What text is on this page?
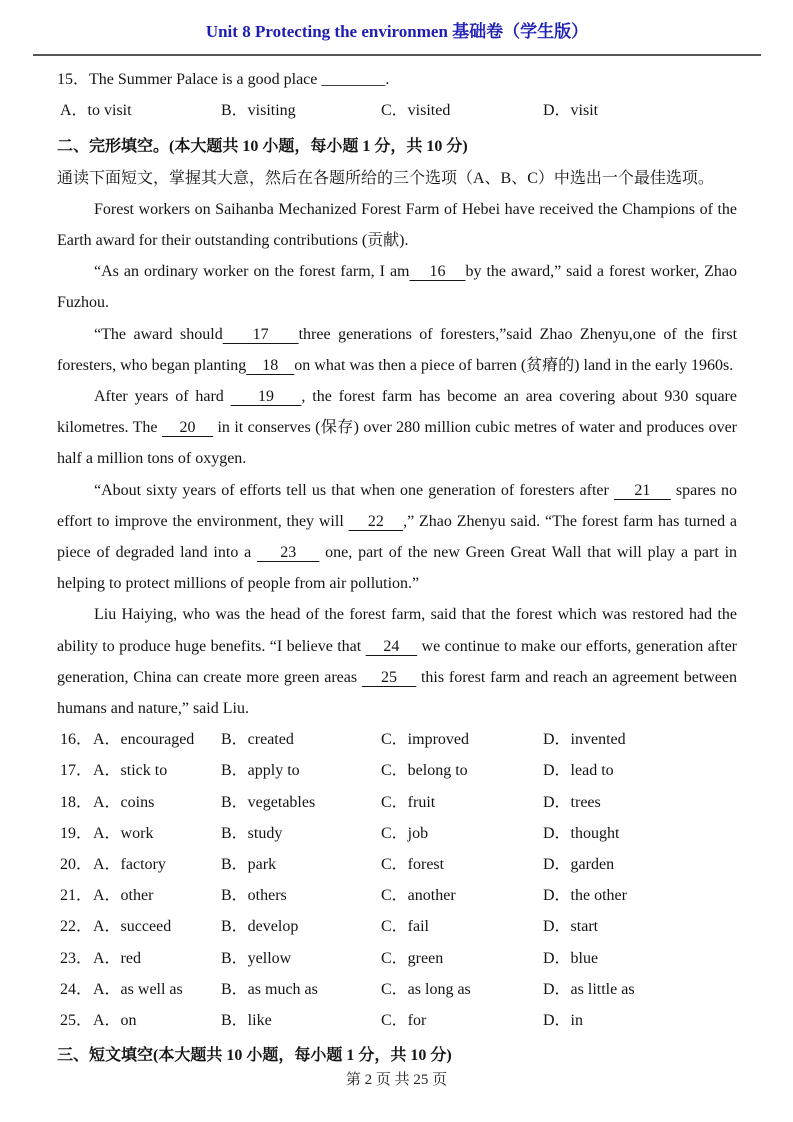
Unit 8 Protecting the environmen 基础卷（学生版）

15．The Summer Palace is a good place ________.

A．to visit	B．visiting	C．visited	D．visit
二、完形填空。(本大题共 10 小题，每小题 1 分，共 10 分)

通读下面短文，掌握其大意，然后在各题所给的三个选项（A、B、C）中选出一个最佳选项。

Forest workers on Saihanba Mechanized Forest Farm of Hebei have received the Champions of the Earth award for their outstanding contributions (贡献).

“As an ordinary worker on the forest farm, I am    16    by the award,” said a forest worker, Zhao Fuzhou.

“The award should    17    three generations of foresters,”said Zhao Zhenyu,one of the first foresters, who began planting    18    on what was then a piece of barren (贫瘠的) land in the early 1960s.

After years of hard     19    , the forest farm has become an area covering about 930 square kilometres. The     20     in it conserves (保存) over 280 million cubic metres of water and produces over half a million tons of oxygen.

“About sixty years of efforts tell us that when one generation of foresters after     21     spares no effort to improve the environment, they will     22    ,” Zhao Zhenyu said. “The forest farm has turned a piece of degraded land into a     23     one, part of the new Green Great Wall that will play a part in helping to protect millions of people from air pollution.”

Liu Haiying, who was the head of the forest farm, said that the forest which was restored had the ability to produce huge benefits. “I believe that     24     we continue to make our efforts, generation after generation, China can create more green areas     25     this forest farm and reach an agreement between humans and nature,” said Liu.

16． A．encouraged	B．created	C．improved	D．invented
17． A．stick to	B．apply to	C．belong to	D．lead to
18． A．coins	B．vegetables	C．fruit	D．trees
19． A．work	B．study	C．job	D．thought
20． A．factory	B．park	C．forest	D．garden
21． A．other	B．others	C．another	D．the other
22． A．succeed	B．develop	C．fail	D．start
23． A．red	B．yellow	C．green	D．blue
24． A．as well as	B．as much as	C．as long as	D．as little as
25． A．on	B．like	C．for	D．in
三、短文填空(本大题共 10 小题，每小题 1 分，共 10 分)
第 2 页 共 25 页
